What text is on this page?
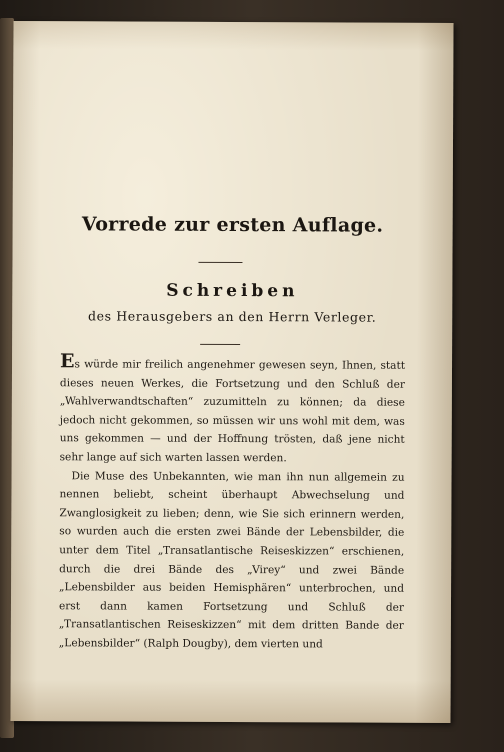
Vorrede zur ersten Auflage.
Schreiben
des Herausgebers an den Herrn Verleger.

Es würde mir freilich angenehmer gewesen seyn, Ihnen, statt dieses neuen Werkes, die Fortsetzung und den Schluß der „Wahlverwandtschaften“ zuzumitteln zu können; da diese jedoch nicht gekommen, so müssen wir uns wohl mit dem, was uns gekommen — und der Hoffnung trösten, daß jene nicht sehr lange auf sich warten lassen werden.

Die Muse des Unbekannten, wie man ihn nun allgemein zu nennen beliebt, scheint überhaupt Abwechselung und Zwanglosigkeit zu lieben; denn, wie Sie sich erinnern werden, so wurden auch die ersten zwei Bände der Lebensbilder, die unter dem Titel „Transatlantische Reiseskizzen“ erschienen, durch die drei Bände des „Virey“ und zwei Bände „Lebensbilder aus beiden Hemisphären“ unterbrochen, und erst dann kamen Fortsetzung und Schluß der „Transatlantischen Reiseskizzen“ mit dem dritten Bande der „Lebensbilder“ (Ralph Dougby), dem vierten und
